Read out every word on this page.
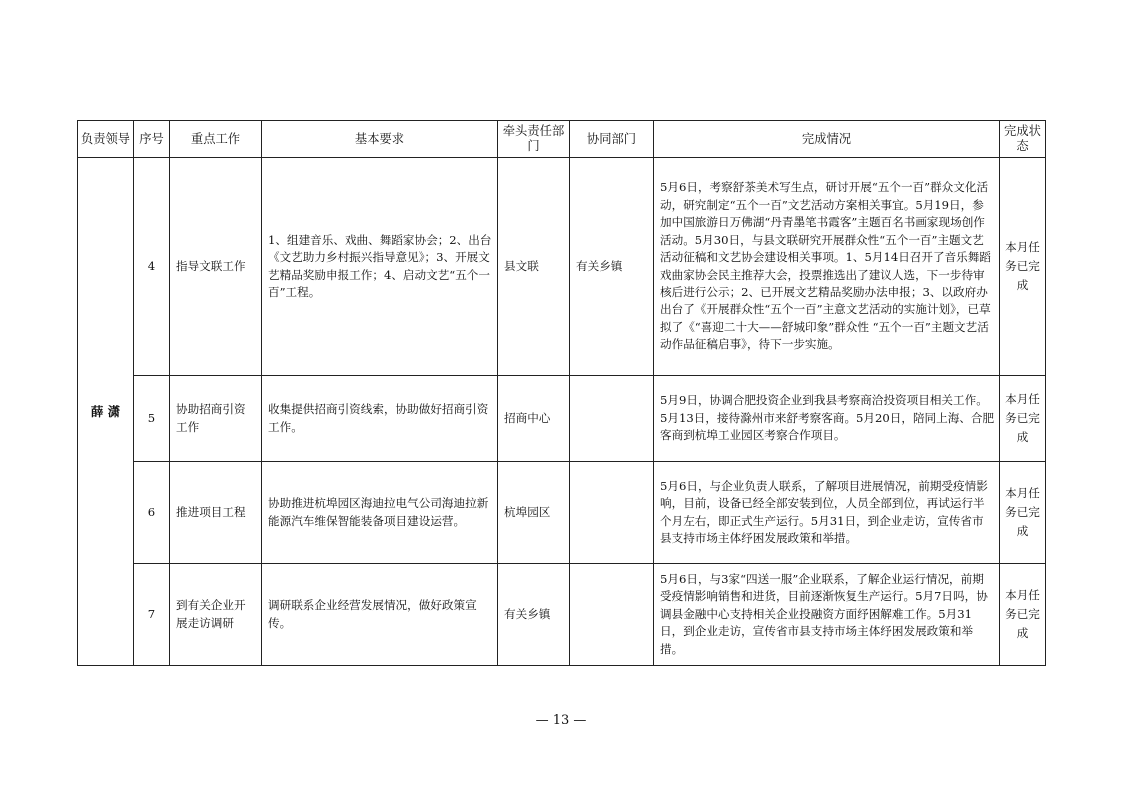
负责领导	序号	重点工作	基本要求	牵头责任部门	协同部门	完成情况	完成状态
薛 潇	4	指导文联工作	1、组建音乐、戏曲、舞蹈家协会；2、出台《文艺助力乡村振兴指导意见》；3、开展文艺精品奖励申报工作；4、启动文艺“五个一百”工程。	县文联	有关乡镇	5月6日，考察舒茶美术写生点，研讨开展“五个一百”群众文化活动，研究制定“五个一百”文艺活动方案相关事宜。5月19日，参加中国旅游日万佛湖“丹青墨笔书霞客”主题百名书画家现场创作活动。5月30日，与县文联研究开展群众性“五个一百”主题文艺活动征稿和文艺协会建设相关事项。1、5月14日召开了音乐舞蹈戏曲家协会民主推荐大会，投票推选出了建议人选，下一步待审核后进行公示；2、已开展文艺精品奖励办法申报；3、以政府办出台了《开展群众性“五个一百”主意文艺活动的实施计划》，已草拟了《“喜迎二十大——舒城印象”群众性 “五个一百”主题文艺活动作品征稿启事》，待下一步实施。	本月任务已完成
	5	协助招商引资工作	收集提供招商引资线索，协助做好招商引资工作。	招商中心		5月9日，协调合肥投资企业到我县考察商洽投资项目相关工作。5月13日，接待滁州市来舒考察客商。5月20日，陪同上海、合肥客商到杭埠工业园区考察合作项目。	本月任务已完成
	6	推进项目工程	协助推进杭埠园区海迪拉电气公司海迪拉新能源汽车维保智能装备项目建设运营。	杭埠园区		5月6日，与企业负责人联系，了解项目进展情况，前期受疫情影响，目前，设备已经全部安装到位，人员全部到位，再试运行半个月左右，即正式生产运行。5月31日，到企业走访，宣传省市县支持市场主体纾困发展政策和举措。	本月任务已完成
	7	到有关企业开展走访调研	调研联系企业经营发展情况，做好政策宣传。	有关乡镇		5月6日，与3家“四送一服”企业联系，了解企业运行情况，前期受疫情影响销售和进货，目前逐渐恢复生产运行。5月7日吗，协调县金融中心支持相关企业投融资方面纾困解难工作。5月31日，到企业走访，宣传省市县支持市场主体纾困发展政策和举措。	本月任务已完成
— 13 —
